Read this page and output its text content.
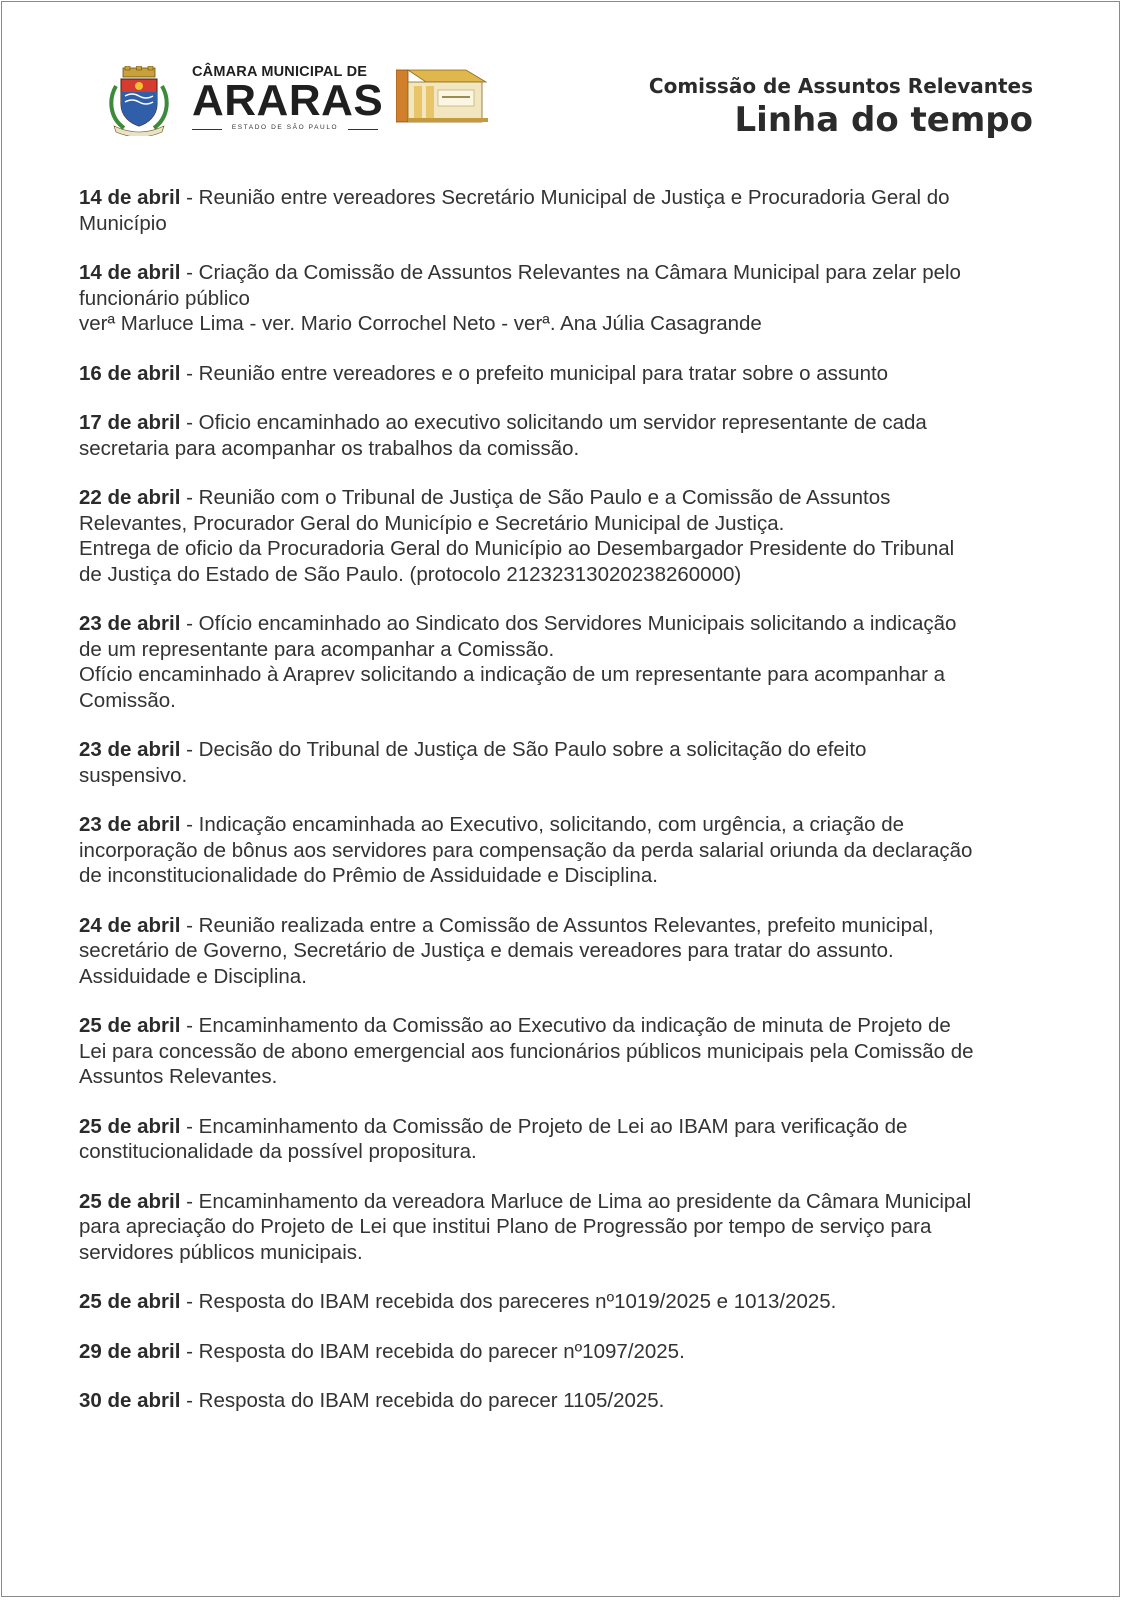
CÂMARA MUNICIPAL DE
ARARAS
ESTADO DE SÃO PAULO
Comissão de Assuntos Relevantes
Linha do tempo
14 de abril - Reunião entre vereadores Secretário Municipal de Justiça e Procuradoria Geral do
Município
14 de abril - Criação da Comissão de Assuntos Relevantes na Câmara Municipal para zelar pelo
funcionário público
verª Marluce Lima - ver. Mario Corrochel Neto - verª. Ana Júlia Casagrande
16 de abril - Reunião entre vereadores e o prefeito municipal para tratar sobre o assunto
17 de abril - Oficio encaminhado ao executivo solicitando um servidor representante de cada
secretaria para acompanhar os trabalhos da comissão.
22 de abril - Reunião com o Tribunal de Justiça de São Paulo e a Comissão de Assuntos
Relevantes, Procurador Geral do Município e Secretário Municipal de Justiça.
Entrega de oficio da Procuradoria Geral do Município ao Desembargador Presidente do Tribunal
de Justiça do Estado de São Paulo. (protocolo 21232313020238260000)
23 de abril - Ofício encaminhado ao Sindicato dos Servidores Municipais solicitando a indicação
de um representante para acompanhar a Comissão.
Ofício encaminhado à Araprev solicitando a indicação de um representante para acompanhar a
Comissão.
23 de abril - Decisão do Tribunal de Justiça de São Paulo sobre a solicitação do efeito
suspensivo.
23 de abril - Indicação encaminhada ao Executivo, solicitando, com urgência, a criação de
incorporação de bônus aos servidores para compensação da perda salarial oriunda da declaração
de inconstitucionalidade do Prêmio de Assiduidade e Disciplina.
24 de abril - Reunião realizada entre a Comissão de Assuntos Relevantes, prefeito municipal,
secretário de Governo, Secretário de Justiça e demais vereadores para tratar do assunto.
Assiduidade e Disciplina.
25 de abril - Encaminhamento da Comissão ao Executivo da indicação de minuta de Projeto de
Lei para concessão de abono emergencial aos funcionários públicos municipais pela Comissão de
Assuntos Relevantes.
25 de abril - Encaminhamento da Comissão de Projeto de Lei ao IBAM para verificação de
constitucionalidade da possível propositura.
25 de abril - Encaminhamento da vereadora Marluce de Lima ao presidente da Câmara Municipal
para apreciação do Projeto de Lei que institui Plano de Progressão por tempo de serviço para
servidores públicos municipais.
25 de abril - Resposta do IBAM recebida dos pareceres nº1019/2025 e 1013/2025.
29 de abril - Resposta do IBAM recebida do parecer nº1097/2025.
30 de abril - Resposta do IBAM recebida do parecer 1105/2025.
